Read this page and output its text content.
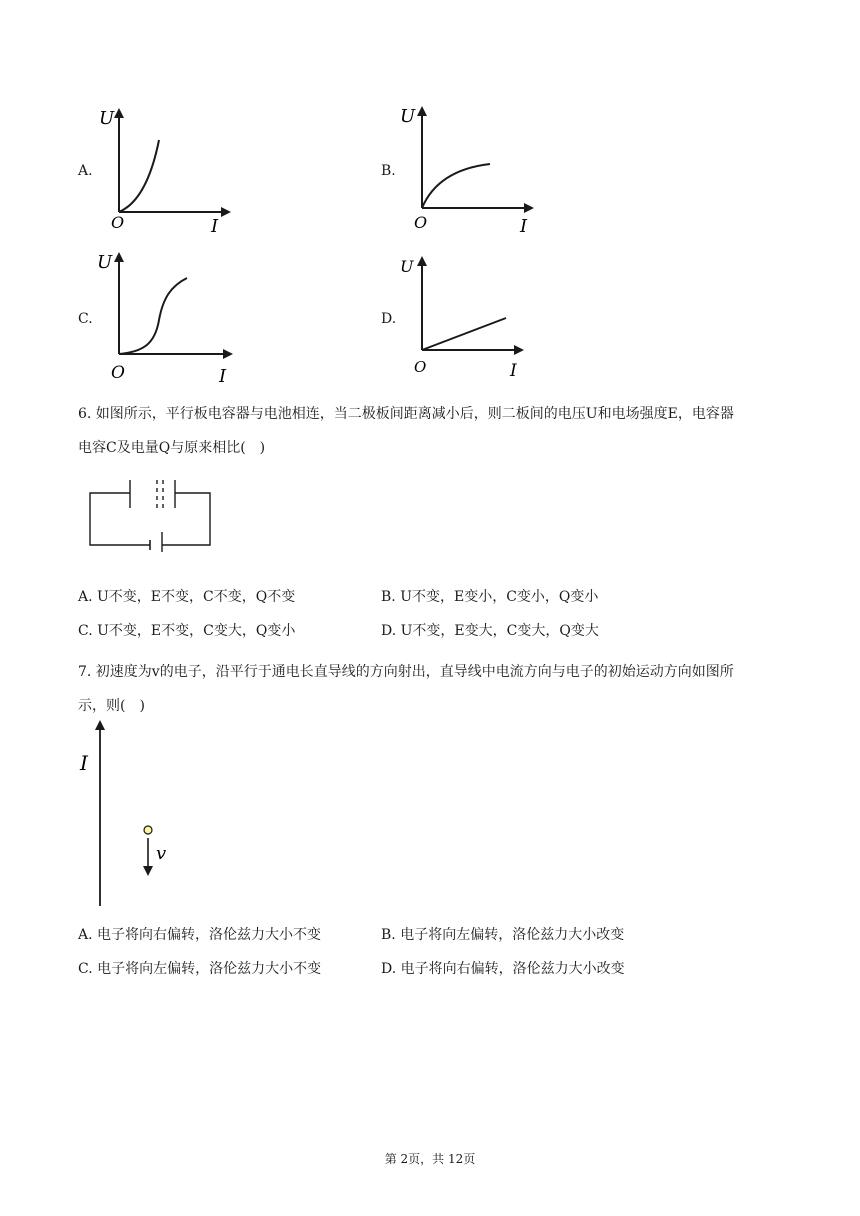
A.
U
I
O
B.
U
I
O
C.
U
I
O
D.
U
I
O
6. 如图所示，平行板电容器与电池相连，当二极板间距离减小后，则二板间的电压U和电场强度E，电容器
电容C及电量Q与原来相比(　)
A. U不变，E不变，C不变，Q不变	B. U不变，E变小，C变小，Q变小
C. U不变，E不变，C变大，Q变小	D. U不变，E变大，C变大，Q变大
7. 初速度为v的电子，沿平行于通电长直导线的方向射出，直导线中电流方向与电子的初始运动方向如图所
示，则(　)
I
v
A. 电子将向右偏转，洛伦兹力大小不变	B. 电子将向左偏转，洛伦兹力大小改变
C. 电子将向左偏转，洛伦兹力大小不变	D. 电子将向右偏转，洛伦兹力大小改变
第 2页，共 12页
